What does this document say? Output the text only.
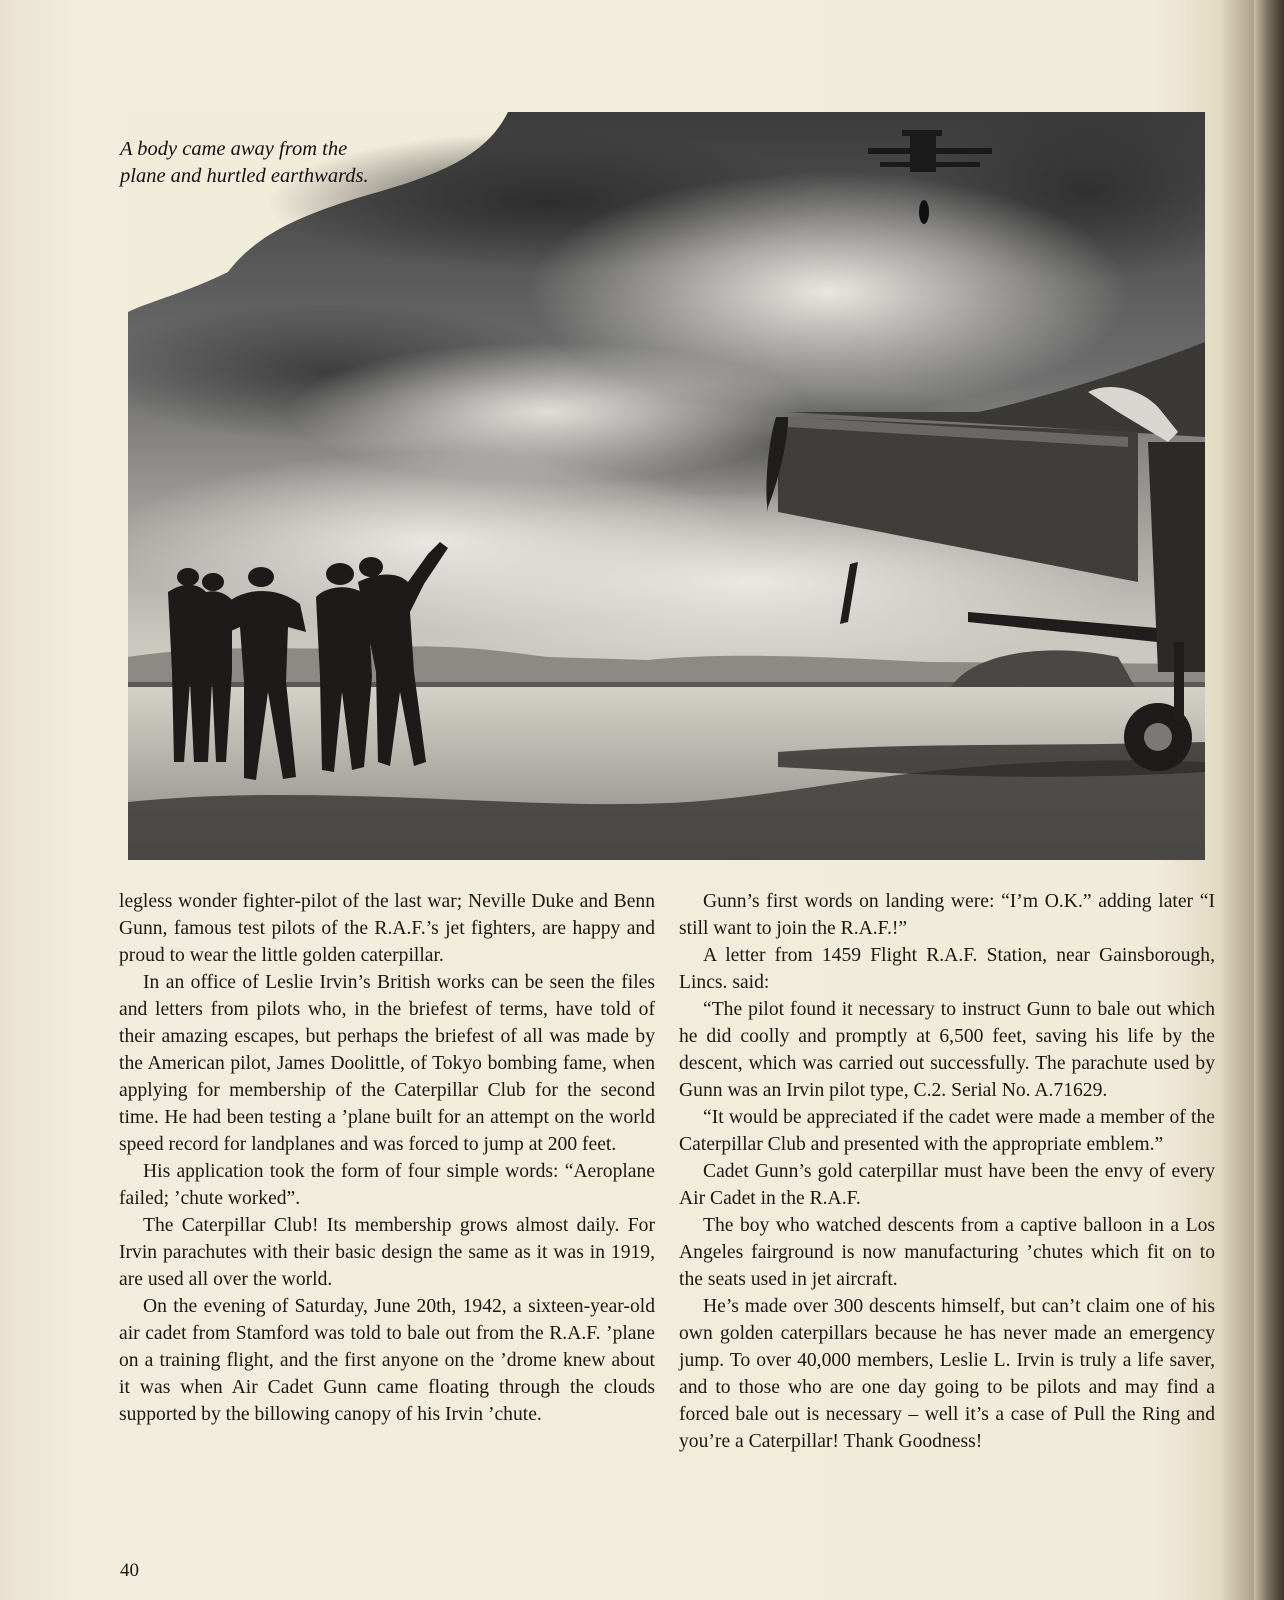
A body came away from the plane and hurtled earthwards.

legless wonder fighter-pilot of the last war; Neville Duke and Benn Gunn, famous test pilots of the R.A.F.’s jet fighters, are happy and proud to wear the little golden caterpillar.

In an office of Leslie Irvin’s British works can be seen the files and letters from pilots who, in the briefest of terms, have told of their amazing escapes, but perhaps the briefest of all was made by the American pilot, James Doolittle, of Tokyo bombing fame, when applying for membership of the Caterpillar Club for the second time. He had been testing a ’plane built for an attempt on the world speed record for landplanes and was forced to jump at 200 feet.

His application took the form of four simple words: “Aeroplane failed; ’chute worked”.

The Caterpillar Club! Its membership grows almost daily. For Irvin parachutes with their basic design the same as it was in 1919, are used all over the world.

On the evening of Saturday, June 20th, 1942, a sixteen-year-old air cadet from Stamford was told to bale out from the R.A.F. ’plane on a training flight, and the first anyone on the ’drome knew about it was when Air Cadet Gunn came floating through the clouds supported by the billowing canopy of his Irvin ’chute.

Gunn’s first words on landing were: “I’m O.K.” adding later “I still want to join the R.A.F.!”

A letter from 1459 Flight R.A.F. Station, near Gainsborough, Lincs. said:

“The pilot found it necessary to instruct Gunn to bale out which he did coolly and promptly at 6,500 feet, saving his life by the descent, which was carried out successfully. The parachute used by Gunn was an Irvin pilot type, C.2. Serial No. A.71629.

“It would be appreciated if the cadet were made a member of the Caterpillar Club and presented with the appropriate emblem.”

Cadet Gunn’s gold caterpillar must have been the envy of every Air Cadet in the R.A.F.

The boy who watched descents from a captive balloon in a Los Angeles fairground is now manufacturing ’chutes which fit on to the seats used in jet aircraft.

He’s made over 300 descents himself, but can’t claim one of his own golden caterpillars because he has never made an emergency jump. To over 40,000 members, Leslie L. Irvin is truly a life saver, and to those who are one day going to be pilots and may find a forced bale out is necessary – well it’s a case of Pull the Ring and you’re a Caterpillar! Thank Goodness!

40
